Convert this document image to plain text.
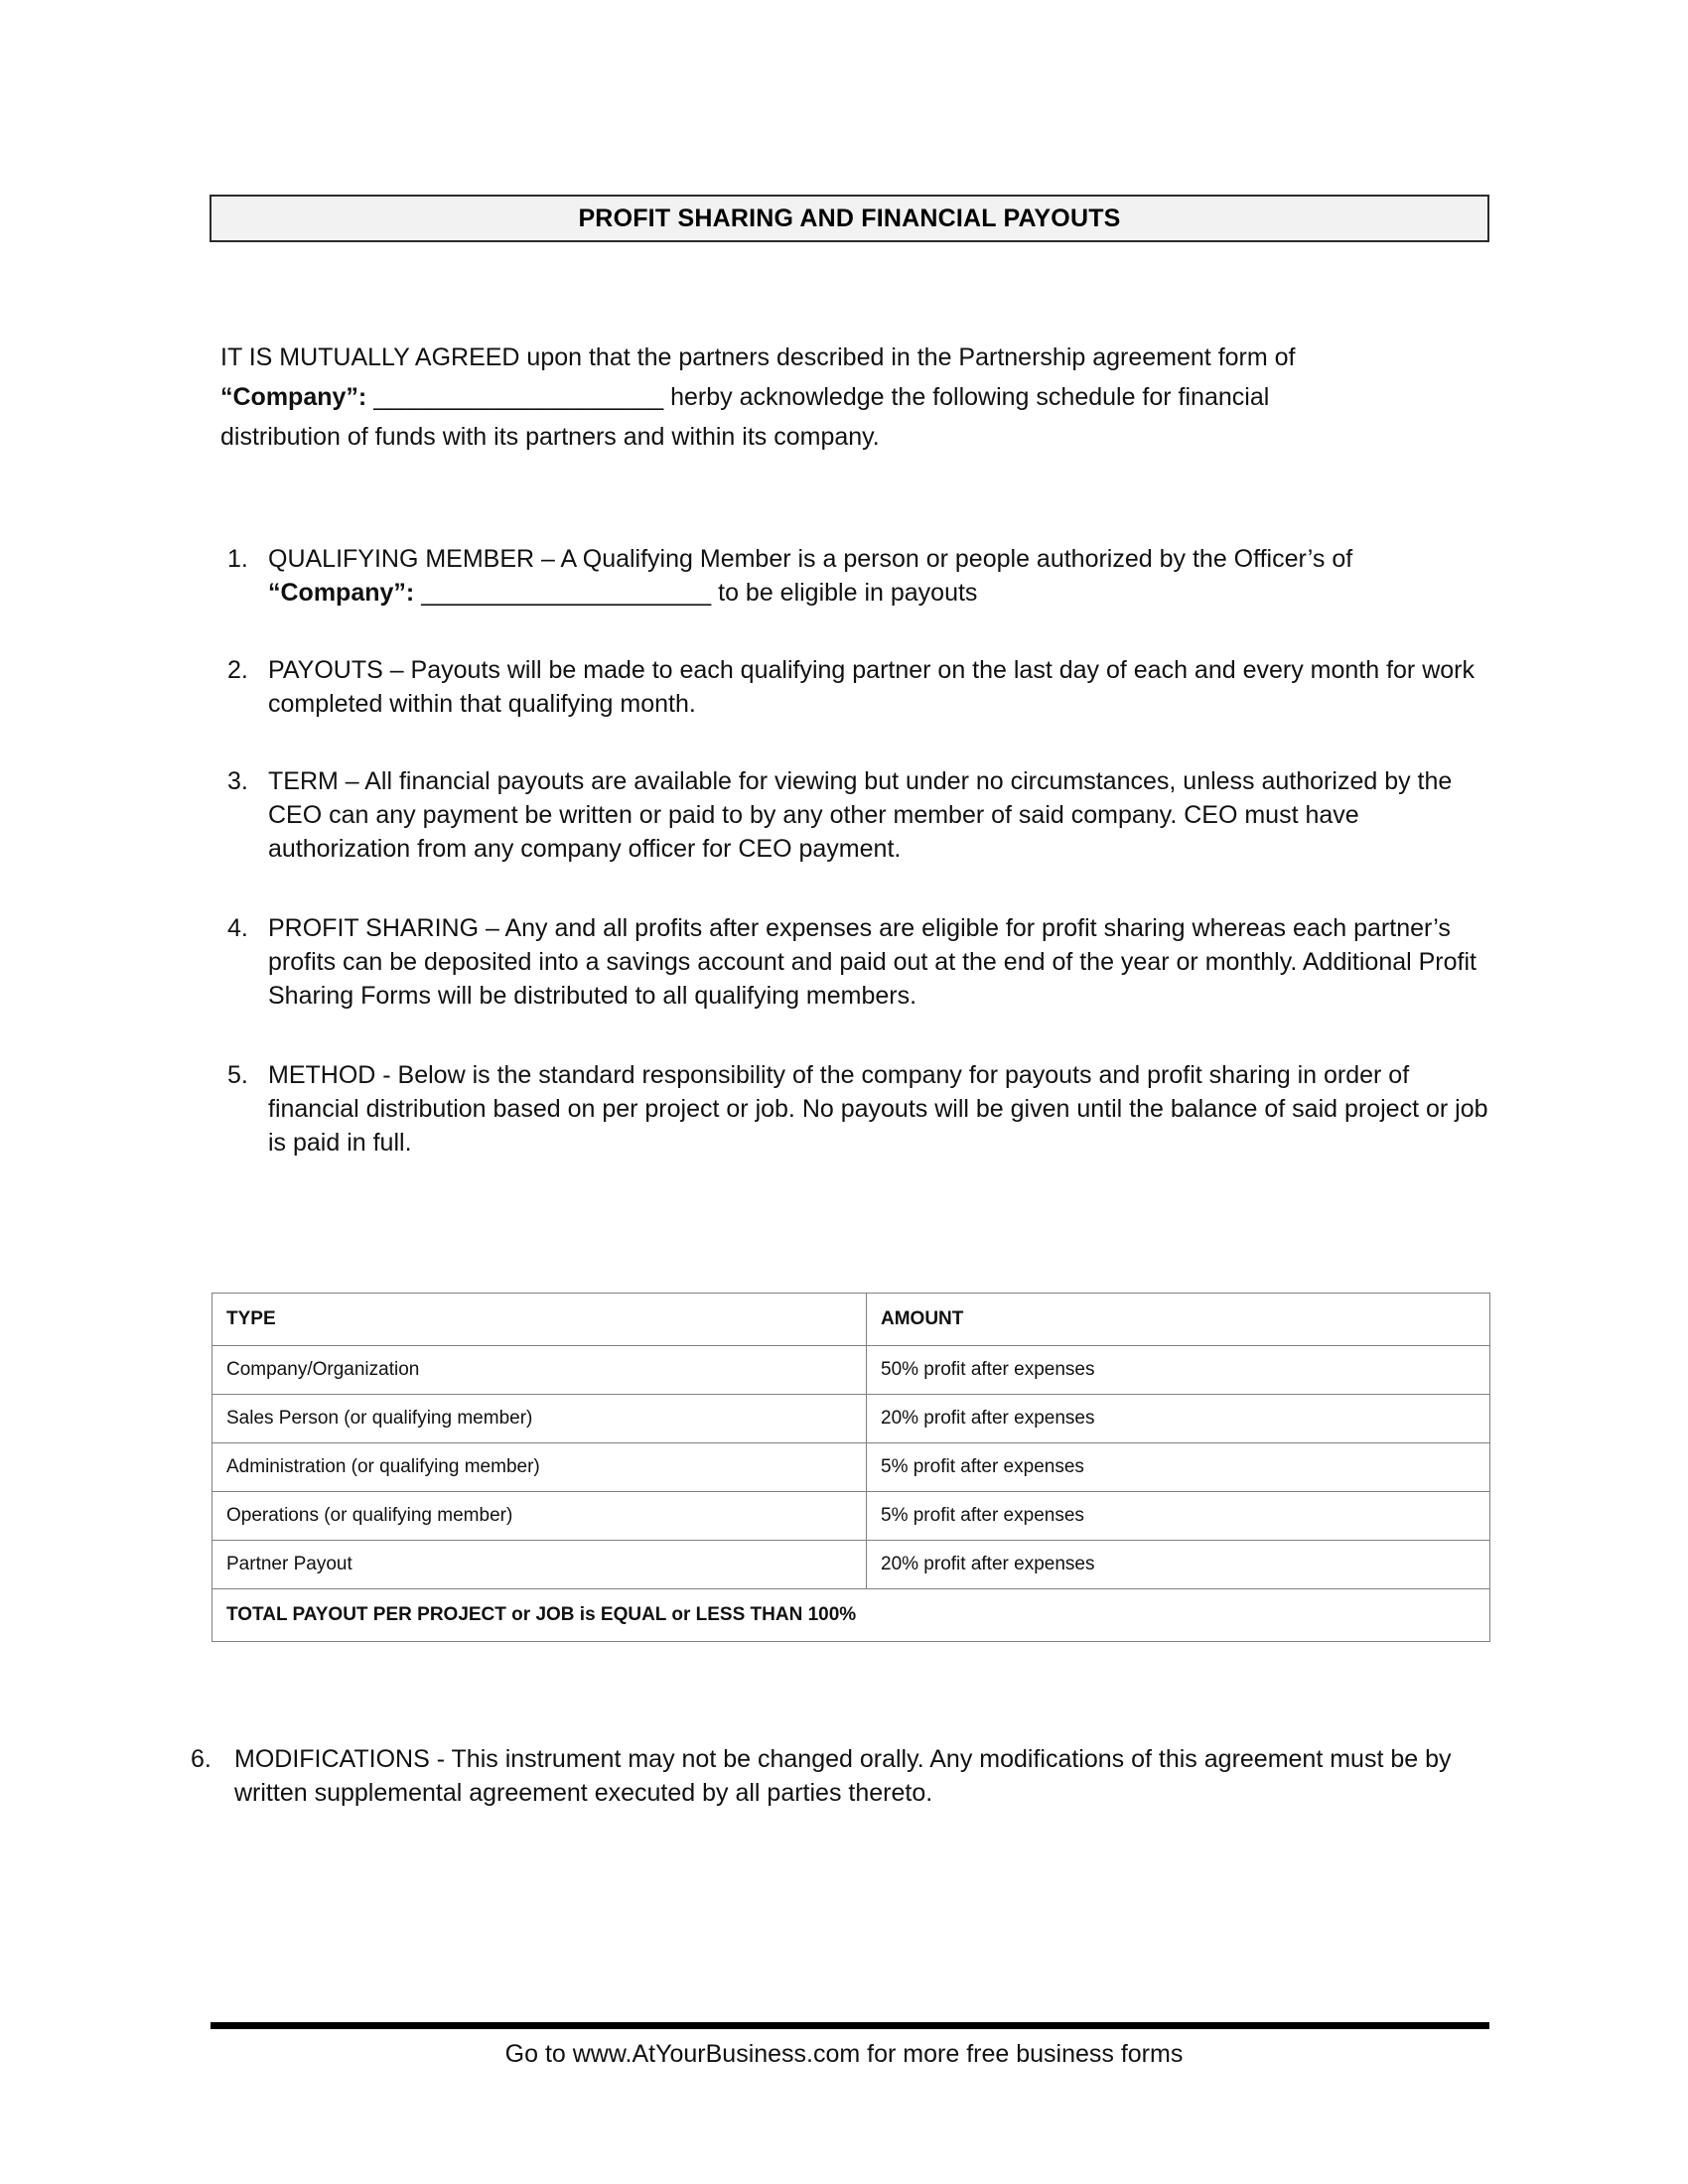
PROFIT SHARING AND FINANCIAL PAYOUTS
IT IS MUTUALLY AGREED upon that the partners described in the Partnership agreement form of
“Company”: _____________________ herby acknowledge the following schedule for financial
distribution of funds with its partners and within its company.
1. QUALIFYING MEMBER – A Qualifying Member is a person or people authorized by the Officer’s of
“Company”: _____________________ to be eligible in payouts
2. PAYOUTS – Payouts will be made to each qualifying partner on the last day of each and every month for work completed within that qualifying month.
3. TERM – All financial payouts are available for viewing but under no circumstances, unless authorized by the CEO can any payment be written or paid to by any other member of said company. CEO must have authorization from any company officer for CEO payment.
4. PROFIT SHARING – Any and all profits after expenses are eligible for profit sharing whereas each partner’s profits can be deposited into a savings account and paid out at the end of the year or monthly. Additional Profit Sharing Forms will be distributed to all qualifying members.
5. METHOD - Below is the standard responsibility of the company for payouts and profit sharing in order of financial distribution based on per project or job. No payouts will be given until the balance of said project or job is paid in full.
TYPE	AMOUNT
Company/Organization	50% profit after expenses
Sales Person (or qualifying member)	20% profit after expenses
Administration (or qualifying member)	5% profit after expenses
Operations (or qualifying member)	5% profit after expenses
Partner Payout	20% profit after expenses
TOTAL PAYOUT PER PROJECT or JOB is EQUAL or LESS THAN 100%	
6. MODIFICATIONS - This instrument may not be changed orally. Any modifications of this agreement must be by written supplemental agreement executed by all parties thereto.
Go to www.AtYourBusiness.com for more free business forms
